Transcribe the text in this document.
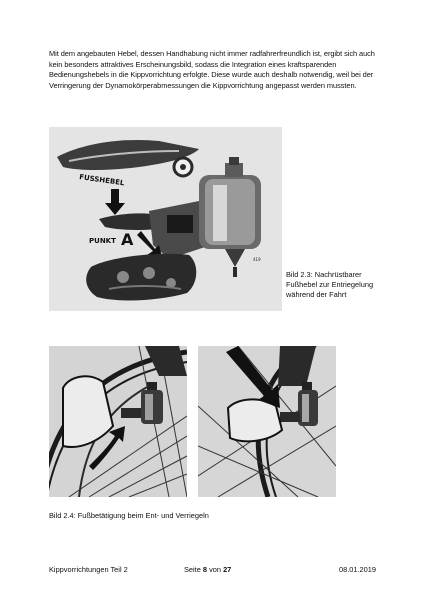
Mit dem angebauten Hebel, dessen Handhabung nicht immer radfahrerfreundlich ist, ergibt sich auch kein besonders attraktives Erscheinungsbild, sodass die Integration eines kraftsparenden Bedienungshebels in die Kippvorrichtung erfolgte. Diese wurde auch deshalb notwendig, weil bei der Verringerung der Dynamokörperabmessungen die Kippvorrichtung angepasst werden mussten.

FUSSHEBEL
419
PUNKT A
Bild 2.3: Nachrüstbarer Fußhebel zur Entriegelung während der Fahrt
Bild 2.4: Fußbetätigung beim Ent- und Verriegeln
Kippvorrichtungen Teil 2	Seite 8 von 27	08.01.2019
